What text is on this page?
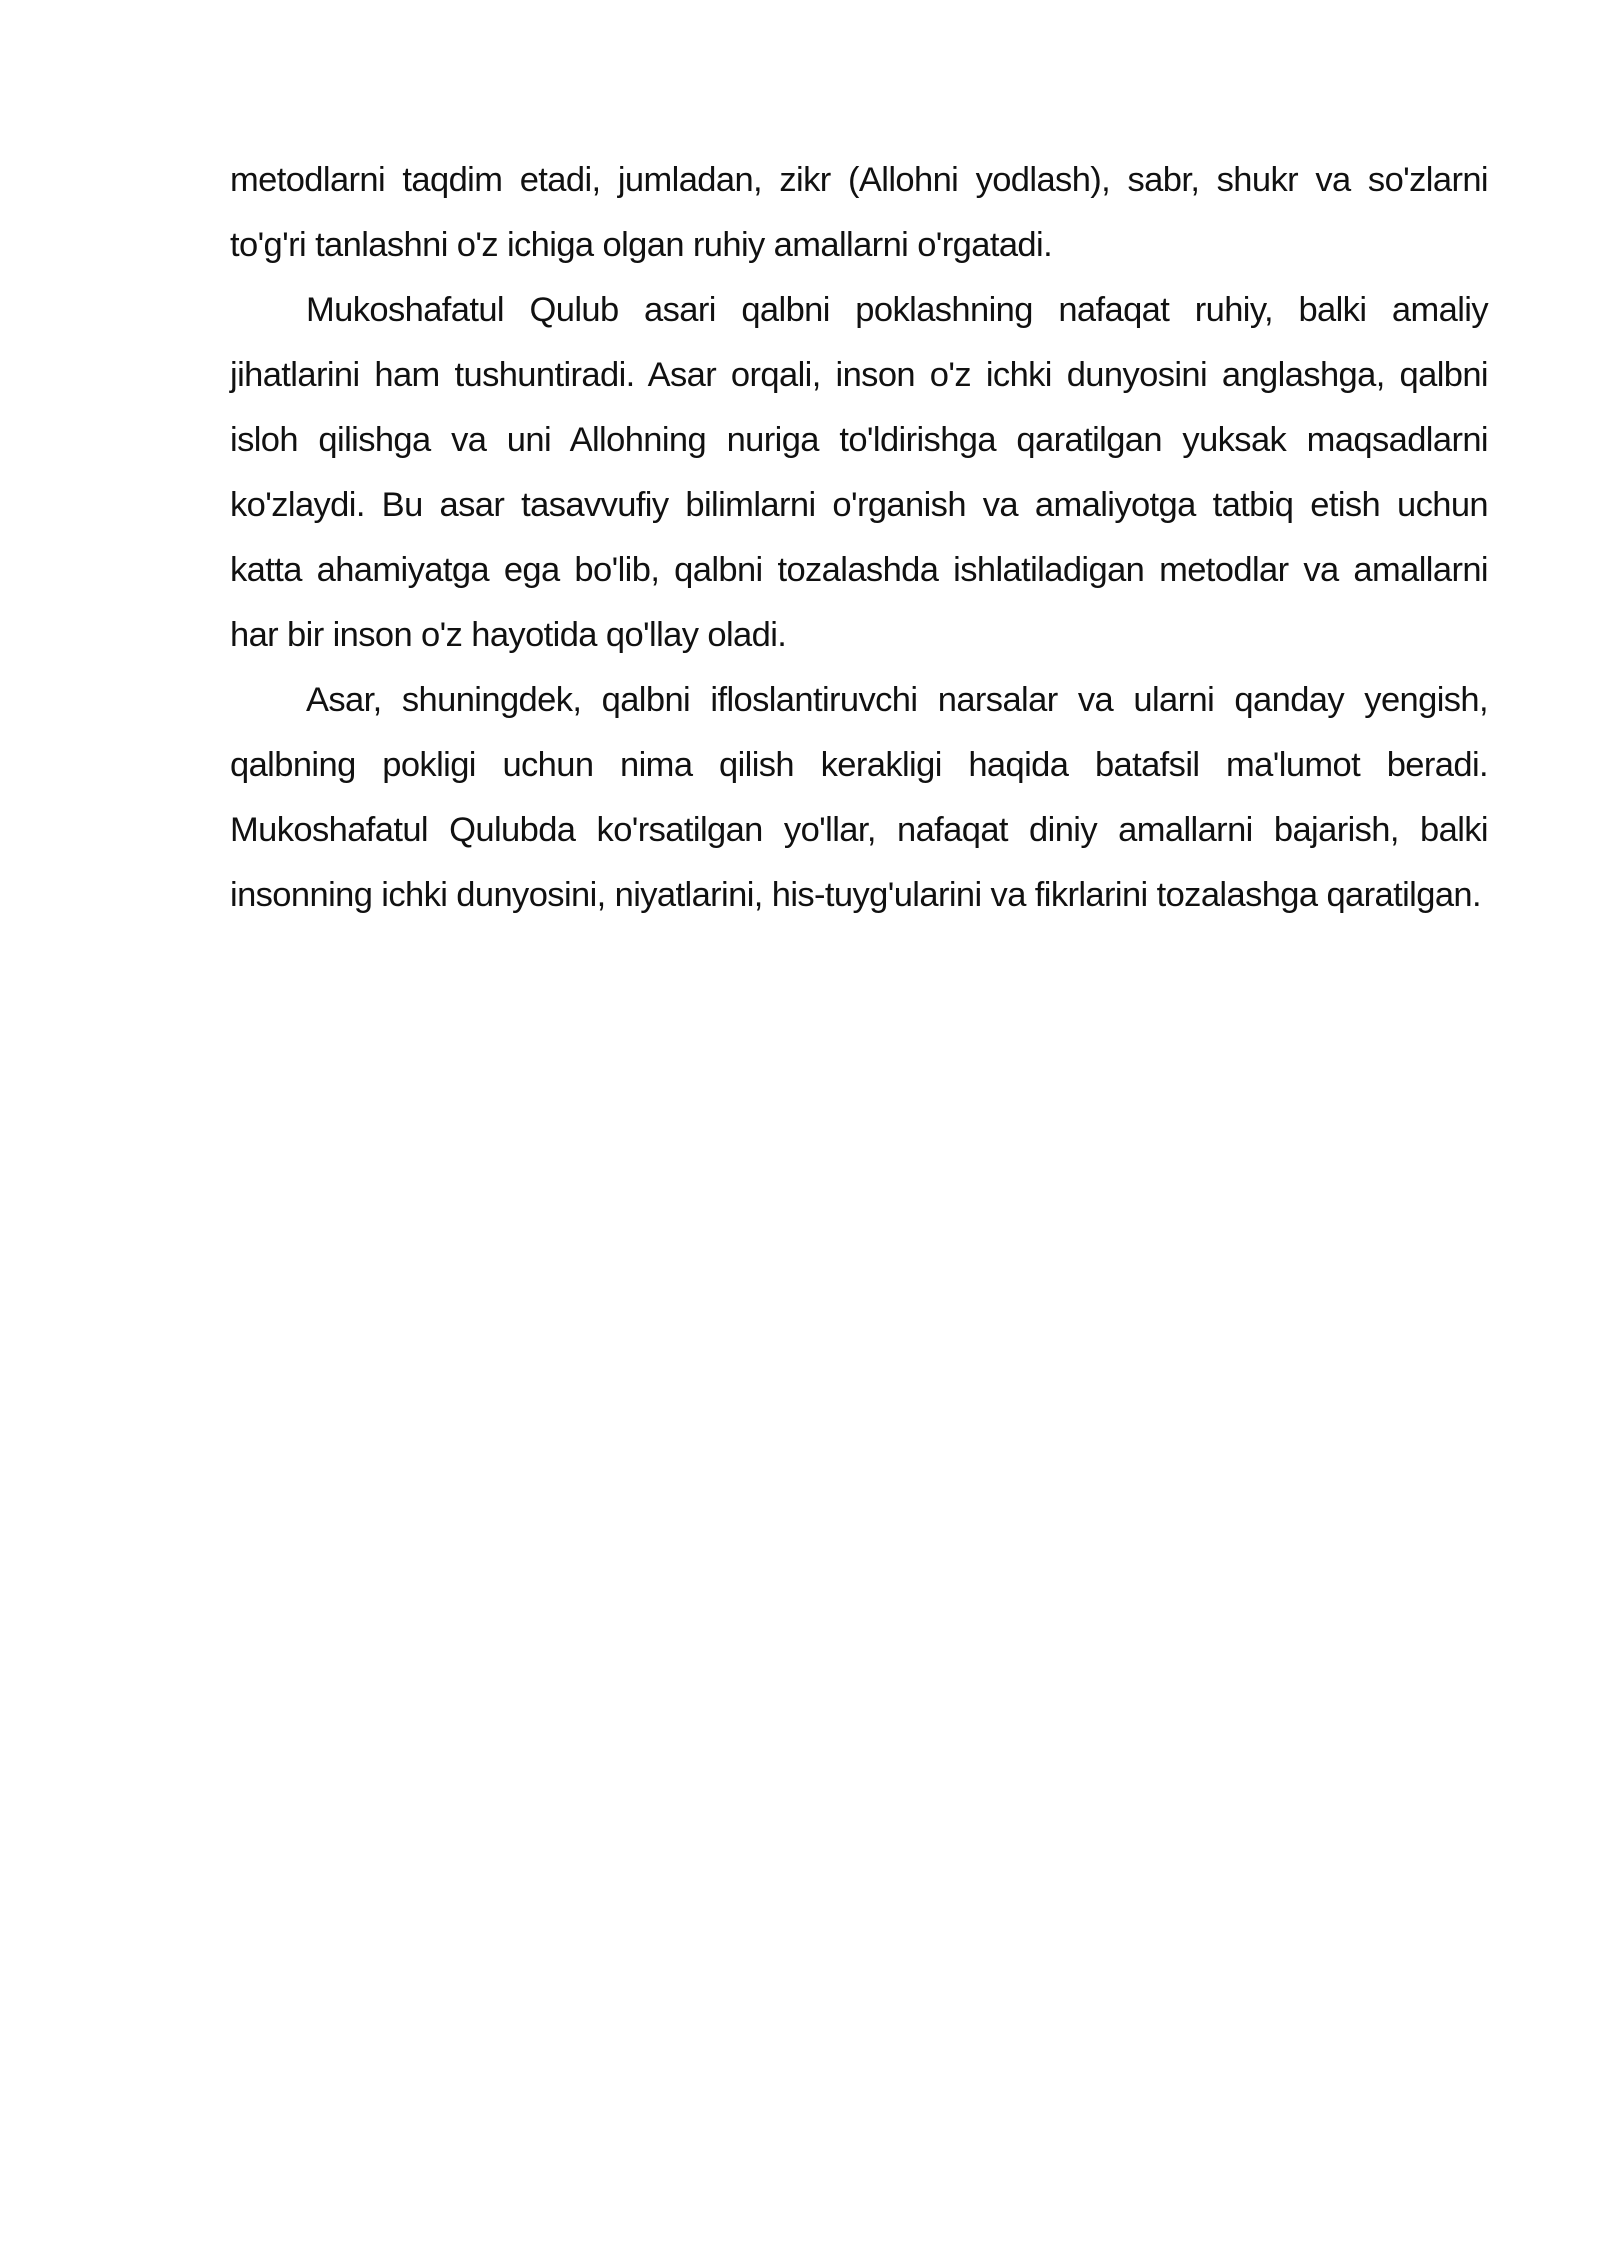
metodlarni taqdim etadi, jumladan, zikr (Allohni yodlash), sabr, shukr va so'zlarni to'g'ri tanlashni o'z ichiga olgan ruhiy amallarni o'rgatadi.

Mukoshafatul Qulub asari qalbni poklashning nafaqat ruhiy, balki amaliy jihatlarini ham tushuntiradi. Asar orqali, inson o'z ichki dunyosini anglashga, qalbni isloh qilishga va uni Allohning nuriga to'ldirishga qaratilgan yuksak maqsadlarni ko'zlaydi. Bu asar tasavvufiy bilimlarni o'rganish va amaliyotga tatbiq etish uchun katta ahamiyatga ega bo'lib, qalbni tozalashda ishlatiladigan metodlar va amallarni har bir inson o'z hayotida qo'llay oladi.

Asar, shuningdek, qalbni ifloslantiruvchi narsalar va ularni qanday yengish, qalbning pokligi uchun nima qilish kerakligi haqida batafsil ma'lumot beradi. Mukoshafatul Qulubda ko'rsatilgan yo'llar, nafaqat diniy amallarni bajarish, balki insonning ichki dunyosini, niyatlarini, his-tuyg'ularini va fikrlarini tozalashga qaratilgan.
